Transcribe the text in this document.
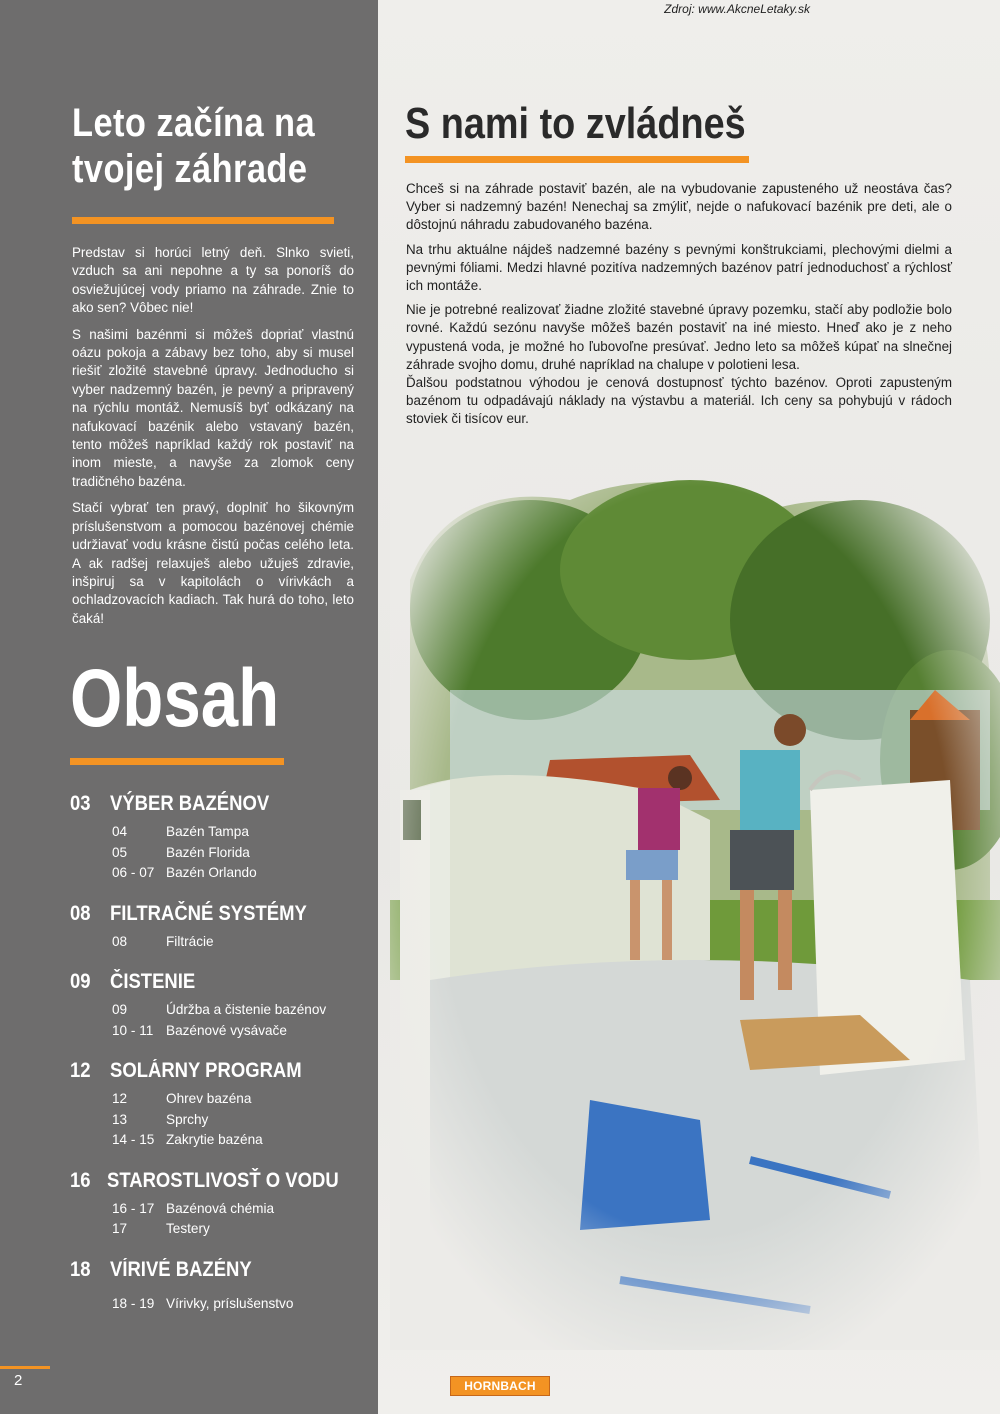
Zdroj: www.AkcneLetaky.sk
Leto začína na
tvojej záhrade

Predstav si horúci letný deň. Slnko svieti, vzduch sa ani nepohne a ty sa ponoríš do osviežujúcej vody priamo na záhrade. Znie to ako sen? Vôbec nie!

S našimi bazénmi si môžeš dopriať vlastnú oázu pokoja a zábavy bez toho, aby si musel riešiť zložité stavebné úpravy. Jednoducho si vyber nadzemný bazén, je pevný a pripravený na rýchlu montáž. Nemusíš byť odkázaný na nafukovací bazénik alebo vstavaný bazén, tento môžeš napríklad každý rok postaviť na inom mieste, a navyše za zlomok ceny tradičného bazéna.

Stačí vybrať ten pravý, doplniť ho šikovným príslušenstvom a pomocou bazénovej chémie udržiavať vodu krásne čistú počas celého leta. A ak radšej relaxuješ alebo užuješ zdravie, inšpiruj sa v kapitolách o vírivkách a ochladzovacích kadiach. Tak hurá do toho, leto čaká!

Obsah
03 VÝBER BAZÉNOV
04	Bazén Tampa
05	Bazén Florida
06 - 07 Bazén Orlando
08 FILTRAČNÉ SYSTÉMY
08	Filtrácie
09 ČISTENIE
09	Údržba a čistenie bazénov
10 - 11 Bazénové vysávače
12 SOLÁRNY PROGRAM
12	Ohrev bazéna
13	Sprchy
14 - 15 Zakrytie bazéna
16 STAROSTLIVOSŤ O VODU
16 - 17 Bazénová chémia
17	Testery
18 VÍRIVÉ BAZÉNY
18 - 19 Vírivky, príslušenstvo
2
S nami to zvládneš

Chceš si na záhrade postaviť bazén, ale na vybudovanie zapusteného už neostáva čas? Vyber si nadzemný bazén! Nenechaj sa zmýliť, nejde o nafukovací bazénik pre deti, ale o dôstojnú náhradu zabudovaného bazéna.

Na trhu aktuálne nájdeš nadzemné bazény s pevnými konštrukciami, plechovými dielmi a pevnými fóliami. Medzi hlavné pozitíva nadzemných bazénov patrí jednoduchosť a rýchlosť ich montáže.

Nie je potrebné realizovať žiadne zložité stavebné úpravy pozemku, stačí aby podložie bolo rovné. Každú sezónu navyše môžeš bazén postaviť na iné miesto. Hneď ako je z neho vypustená voda, je možné ho ľubovoľne presúvať. Jedno leto sa môžeš kúpať na slnečnej záhrade svojho domu, druhé napríklad na chalupe v polotieni lesa.

Ďalšou podstatnou výhodou je cenová dostupnosť týchto bazénov. Oproti zapusteným bazénom tu odpadávajú náklady na výstavbu a materiál. Ich ceny sa pohybujú v rádoch stoviek či tisícov eur.

HORNBACH
